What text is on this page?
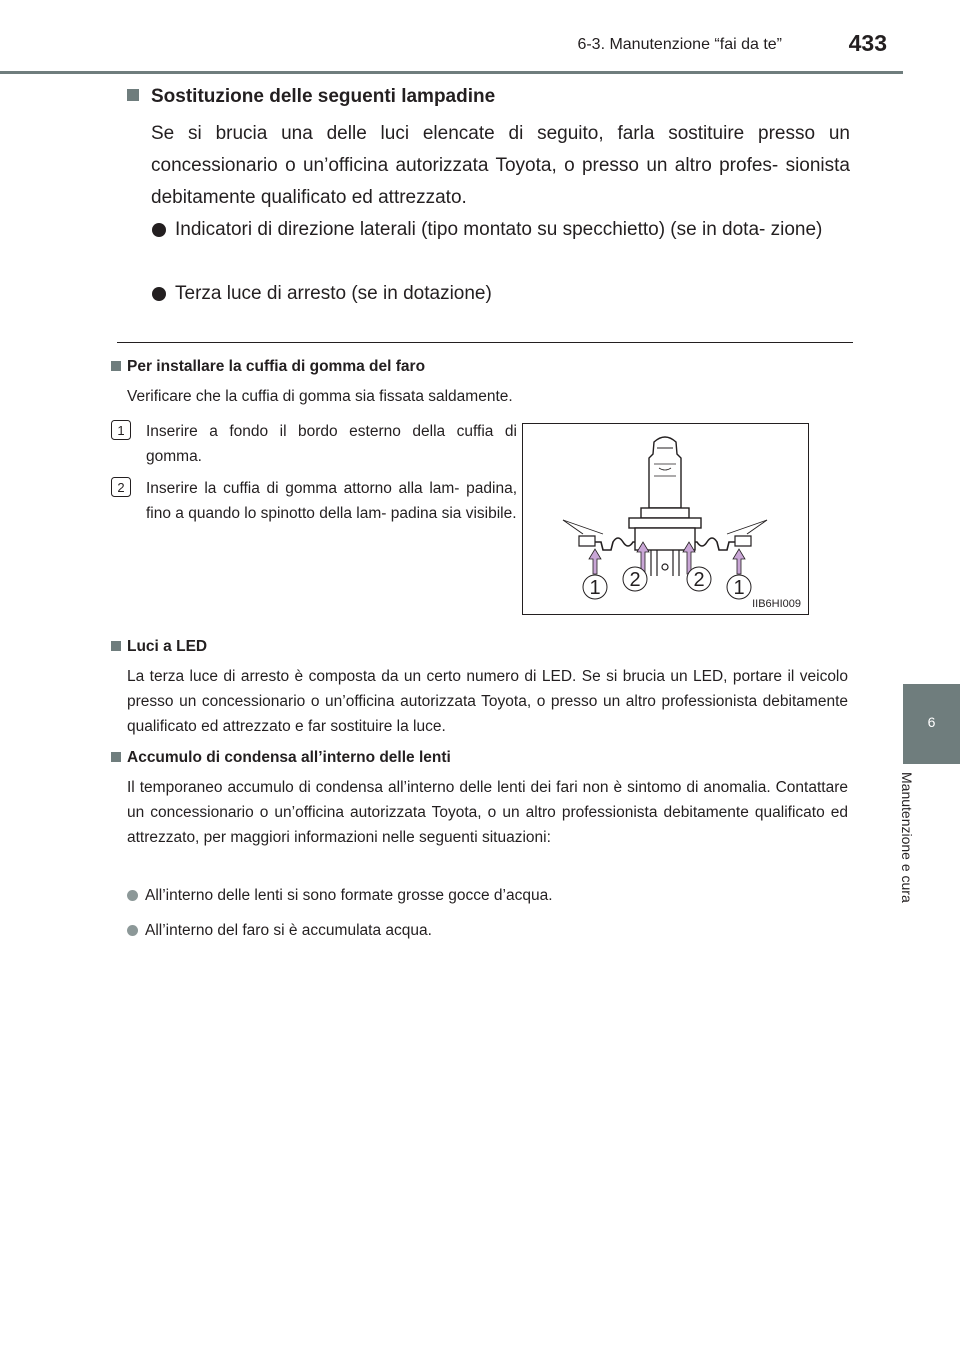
6-3. Manutenzione “fai da te”	433
6
Manutenzione e cura
Sostituzione delle seguenti lampadine
Se si brucia una delle luci elencate di seguito, farla sostituire presso un concessionario o un’officina autorizzata Toyota, o presso un altro profes- sionista debitamente qualificato ed attrezzato.
Indicatori di direzione laterali (tipo montato su specchietto) (se in dota- zione)
Terza luce di arresto (se in dotazione)
Per installare la cuffia di gomma del faro
Verificare che la cuffia di gomma sia fissata saldamente.
1 Inserire a fondo il bordo esterno della cuffia di gomma.
2 Inserire la cuffia di gomma attorno alla lam- padina, fino a quando lo spinotto della lam- padina sia visibile.
1 2	2 1
IIB6HI009
Luci a LED
La terza luce di arresto è composta da un certo numero di LED. Se si brucia un LED, portare il veicolo presso un concessionario o un’officina autorizzata Toyota, o presso un altro professionista debitamente qualificato ed attrezzato e far sostituire la luce.
Accumulo di condensa all’interno delle lenti
Il temporaneo accumulo di condensa all’interno delle lenti dei fari non è sintomo di anomalia. Contattare un concessionario o un’officina autorizzata Toyota, o un altro professionista debitamente qualificato ed attrezzato, per maggiori informazioni nelle seguenti situazioni:
All’interno delle lenti si sono formate grosse gocce d’acqua.
All’interno del faro si è accumulata acqua.
